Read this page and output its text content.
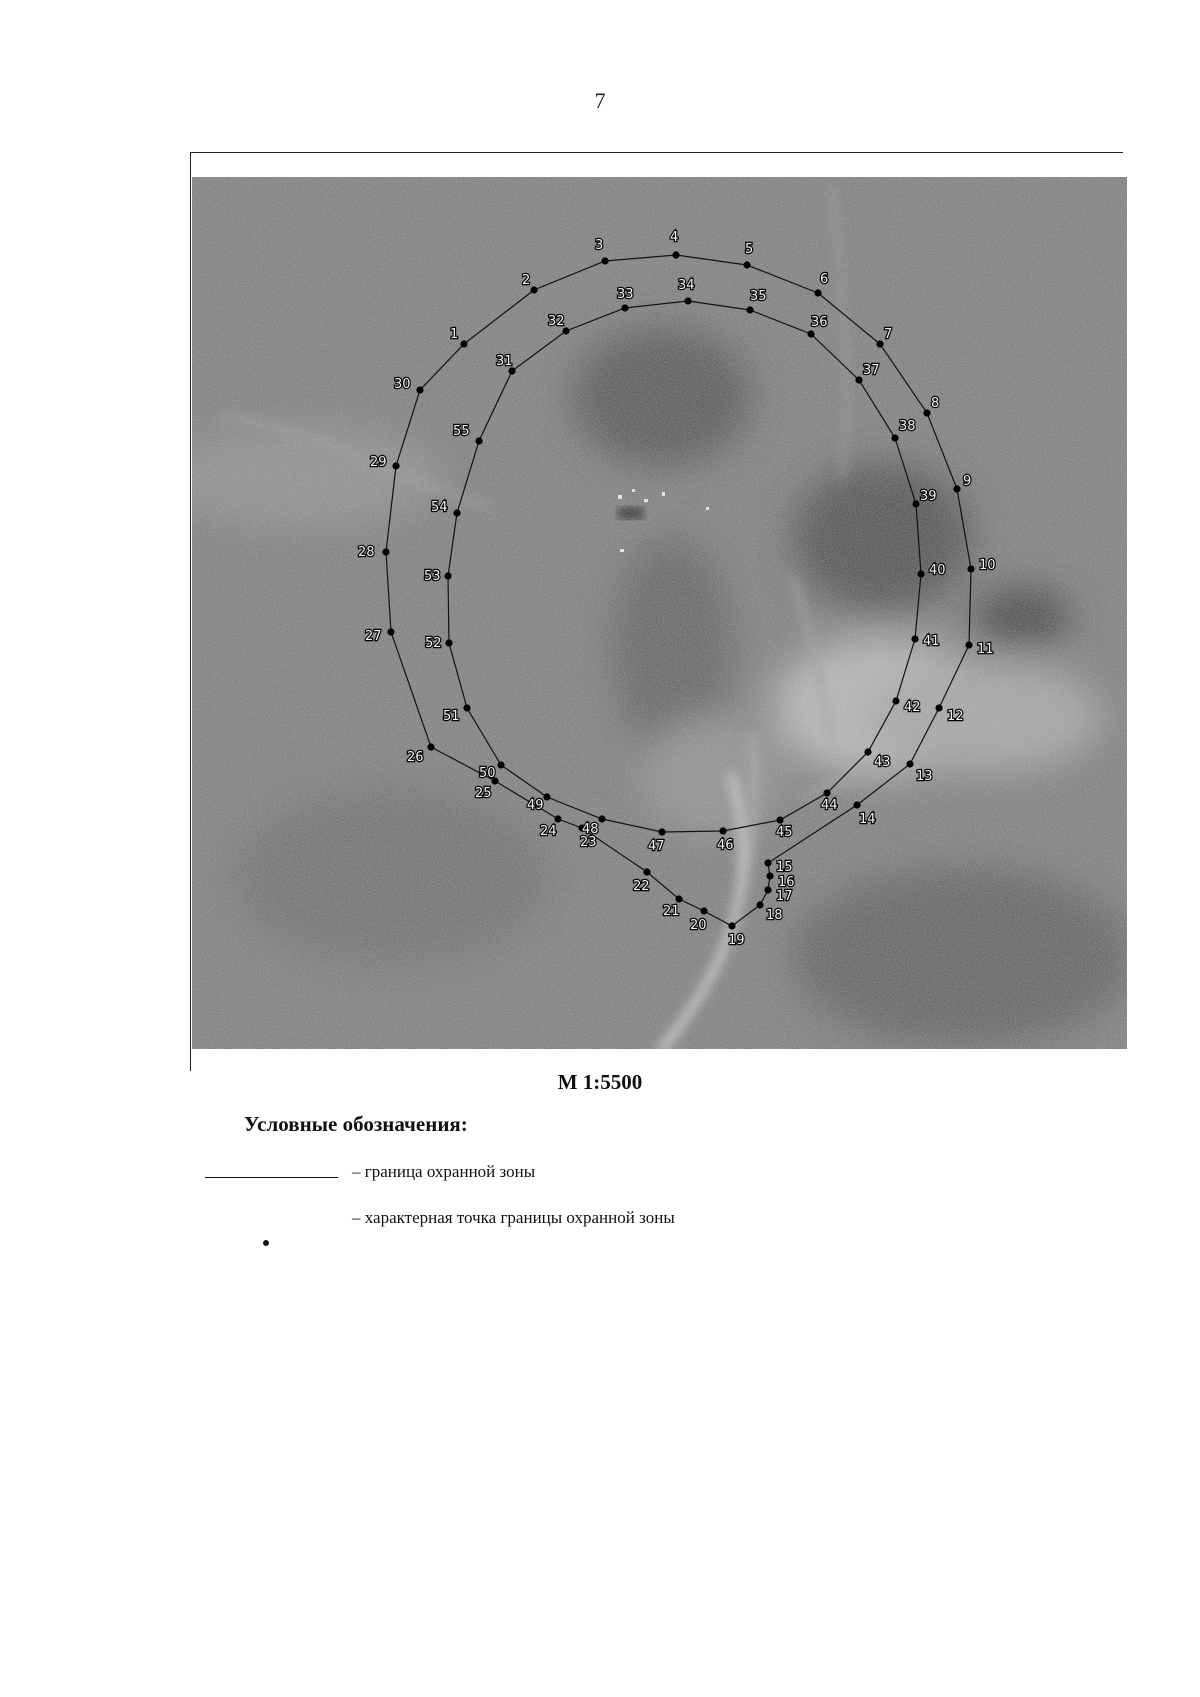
7
1
2
3
4
5
6
7
8
9
10
11
12
13
14
15
16
17
18
19
20
21
22
23
24
25
26
27
28
29
30
31
32
33
34
35
36
37
38
39
40
41
42
43
44
45
46
47
48
49
50
51
52
53
54
55
М 1:5500
Условные обозначения:
– граница охранной зоны
– характерная точка границы охранной зоны
